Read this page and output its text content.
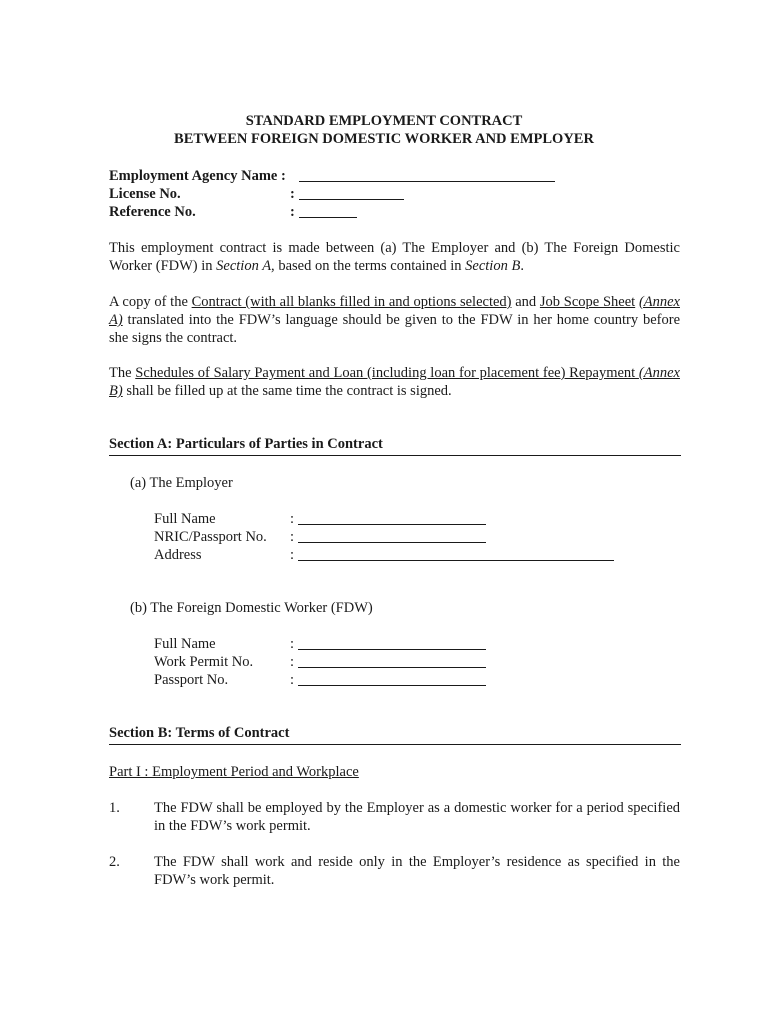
STANDARD EMPLOYMENT CONTRACT
BETWEEN FOREIGN DOMESTIC WORKER AND EMPLOYER
Employment Agency Name :
License No.	:
Reference No.	:
This employment contract is made between (a) The Employer and (b) The Foreign Domestic Worker (FDW) in Section A, based on the terms contained in Section B.
A copy of the Contract (with all blanks filled in and options selected) and Job Scope Sheet (Annex A) translated into the FDW’s language should be given to the FDW in her home country before she signs the contract.
The Schedules of Salary Payment and Loan (including loan for placement fee) Repayment (Annex B) shall be filled up at the same time the contract is signed.
Section A: Particulars of Parties in Contract
(a) The Employer
Full Name	:
NRIC/Passport No. :
Address	:
(b) The Foreign Domestic Worker (FDW)
Full Name	:
Work Permit No.	:
Passport No.	:
Section B: Terms of Contract
Part I : Employment Period and Workplace
1. The FDW shall be employed by the Employer as a domestic worker for a period specified in the FDW’s work permit.
2. The FDW shall work and reside only in the Employer’s residence as specified in the FDW’s work permit.
